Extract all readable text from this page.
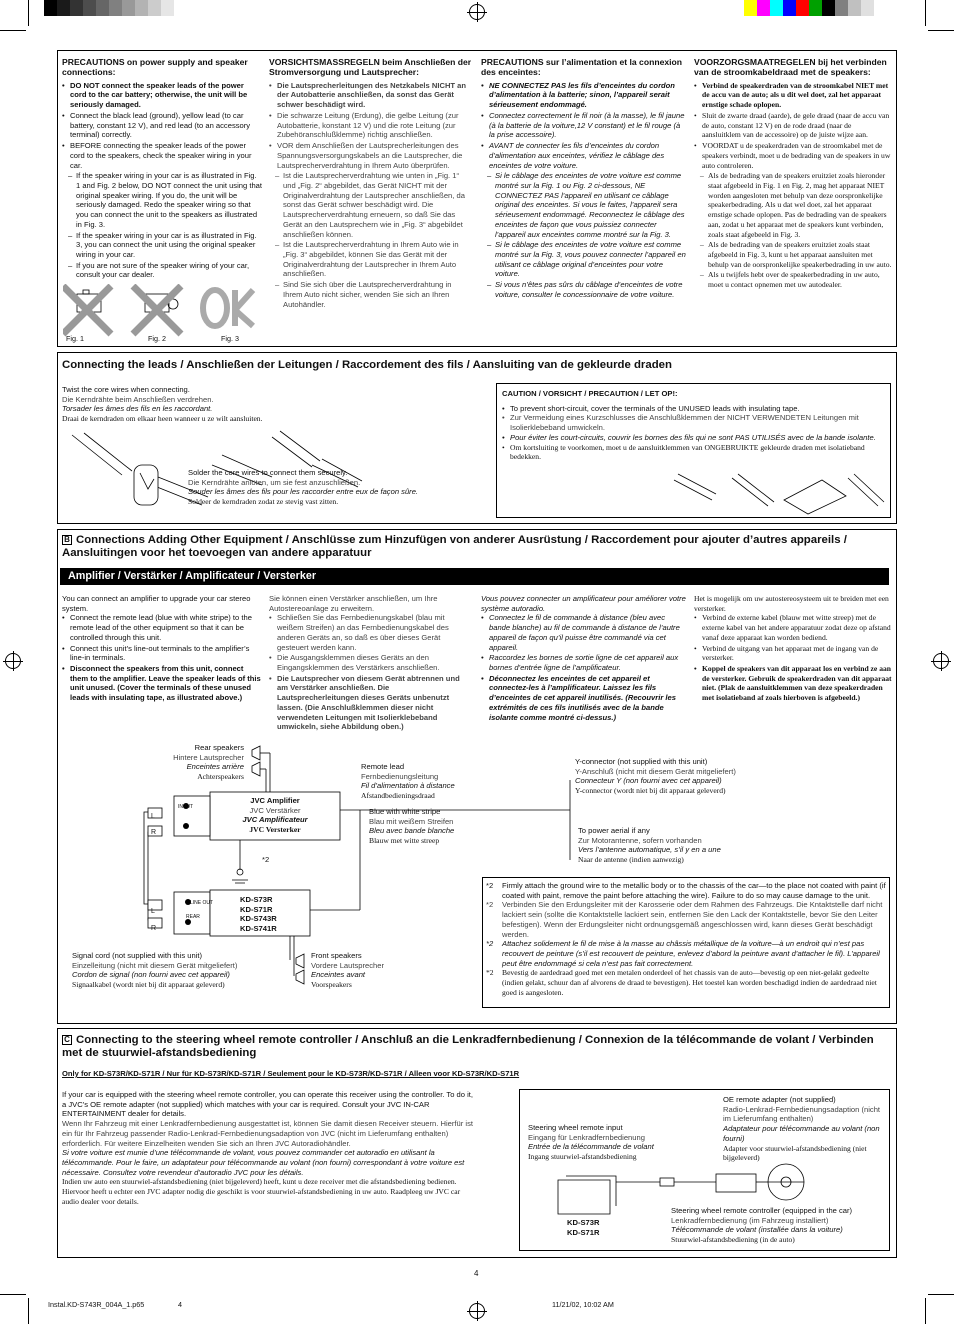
PRECAUTIONS on power supply and speaker connections:
• DO NOT connect the speaker leads of the power cord to the car battery; otherwise, the unit will be seriously damaged.
• Connect the black lead (ground), yellow lead (to car battery, constant 12 V), and red lead (to an accessory terminal) correctly.
• BEFORE connecting the speaker leads of the power cord to the speakers, check the speaker wiring in your car.
– If the speaker wiring in your car is as illustrated in Fig. 1 and Fig. 2 below, DO NOT connect the unit using that original speaker wiring. If you do, the unit will be seriously damaged. Redo the speaker wiring so that you can connect the unit to the speakers as illustrated in Fig. 3.
– If the speaker wiring in your car is as illustrated in Fig. 3, you can connect the unit using the original speaker wiring in your car.
– If you are not sure of the speaker wiring of your car, consult your car dealer.
Fig. 1	Fig. 2	Fig. 3
VORSICHTSMASSREGELN beim Anschließen der Stromversorgung und Lautsprecher:
• Die Lautsprecherleitungen des Netzkabels NICHT an der Autobatterie anschließen, da sonst das Gerät schwer beschädigt wird.
• Die schwarze Leitung (Erdung), die gelbe Leitung (zur Autobatterie, konstant 12 V) und die rote Leitung (zur Zubehöranschlußklemme) richtig anschließen.
• VOR dem Anschließen der Lautsprecherleitungen des Spannungsversorgungskabels an die Lautsprecher, die Lautsprecherverdrahtung in Ihrem Auto überprüfen.
– Ist die Lautsprecherverdrahtung wie unten in „Fig. 1“ und „Fig. 2“ abgebildet, das Gerät NICHT mit der Originalverdrahtung der Lautsprecher anschließen, da sonst das Gerät schwer beschädigt wird. Die Lautsprecherverdrahtung erneuern, so daß Sie das Gerät an den Lautsprechern wie in „Fig. 3“ abgebildet anschließen können.
– Ist die Lautsprecherverdrahtung in Ihrem Auto wie in „Fig. 3“ abgebildet, können Sie das Gerät mit der Originalverdrahtung der Lautsprecher in Ihrem Auto anschließen.
– Sind Sie sich über die Lautsprecherverdrahtung in Ihrem Auto nicht sicher, wenden Sie sich an Ihren Autohändler.
PRECAUTIONS sur l’alimentation et la connexion des enceintes:
• NE CONNECTEZ PAS les fils d’enceintes du cordon d’alimentation à la batterie; sinon, l’appareil serait sérieusement endommagé.
• Connectez correctement le fil noir (à la masse), le fil jaune (à la batterie de la voiture,12 V constant) et le fil rouge (à la prise accessoire).
• AVANT de connecter les fils d’enceintes du cordon d’alimentation aux enceintes, vérifiez le câblage des enceintes de votre voiture.
– Si le câblage des enceintes de votre voiture est comme montré sur la Fig. 1 ou Fig. 2 ci-dessous, NE CONNECTEZ PAS l’appareil en utilisant ce câblage original des enceintes. Si vous le faites, l’appareil sera sérieusement endommagé. Reconnectez le câblage des enceintes de façon que vous puissiez connecter l’appareil aux enceintes comme montré sur la Fig. 3.
– Si le câblage des enceintes de votre voiture est comme montré sur la Fig. 3, vous pouvez connecter l’appareil en utilisant ce câblage original d’enceintes pour votre voiture.
– Si vous n’êtes pas sûrs du câblage d’enceintes de votre voiture, consulter le concessionnaire de votre voiture.
VOORZORGSMAATREGELEN bij het verbinden van de stroomkabeldraad met de speakers:
• Verbind de speakerdraden van de stroomkabel NIET met de accu van de auto; als u dit wel doet, zal het apparaat ernstige schade oplopen.
• Sluit de zwarte draad (aarde), de gele draad (naar de accu van de auto, constant 12 V) en de rode draad (naar de aansluitklem van de accessoire) op de juiste wijze aan.
• VOORDAT u de speakerdraden van de stroomkabel met de speakers verbindt, moet u de bedrading van de speakers in uw auto controleren.
– Als de bedrading van de speakers eruitziet zoals hieronder staat afgebeeld in Fig. 1 en Fig. 2, mag het apparaat NIET worden aangesloten met behulp van deze oorspronkelijke speakerbedrading. Als u dat wel doet, zal het apparaat ernstige schade oplopen. Pas de bedrading van de speakers aan, zodat u het apparaat met de speakers kunt verbinden, zoals staat afgebeeld in Fig. 3.
– Als de bedrading van de speakers eruitziet zoals staat afgebeeld in Fig. 3, kunt u het apparaat aansluiten met behulp van de oorspronkelijke speakerbedrading in uw auto.
– Als u twijfels hebt over de speakerbedrading in uw auto, moet u contact opnemen met uw autodealer.
Connecting the leads / Anschließen der Leitungen / Raccordement des fils / Aansluiting van de gekleurde draden
Twist the core wires when connecting.
Die Kerndrähte beim Anschließen verdrehen.
Torsader les âmes des fils en les raccordant.
Draai de kerndraden om elkaar heen wanneer u ze wilt aansluiten.
Solder the core wires to connect them securely.
Die Kerndrähte anlöten, um sie fest anzuschließen.
Souder les âmes des fils pour les raccorder entre eux de façon sûre.
Soldeer de kerndraden zodat ze stevig vast zitten.
CAUTION / VORSICHT / PRECAUTION / LET OP!:
• To prevent short-circuit, cover the terminals of the UNUSED leads with insulating tape.
• Zur Vermeidung eines Kurzschlusses die Anschlußklemmen der NICHT VERWENDETEN Leitungen mit Isolierklebeband umwickeln.
• Pour éviter les court-circuits, couvrir les bornes des fils qui ne sont PAS UTILISÉS avec de la bande isolante.
• Om kortsluiting te voorkomen, moet u de aansluitklemmen van ONGEBRUIKTE gekleurde draden met isolatieband bedekken.
B Connections Adding Other Equipment / Anschlüsse zum Hinzufügen von anderer Ausrüstung / Raccordement pour ajouter d’autres appareils / Aansluitingen voor het toevoegen van andere apparatuur
Amplifier / Verstärker / Amplificateur / Versterker
You can connect an amplifier to upgrade your car stereo system.
• Connect the remote lead (blue with white stripe) to the remote lead of the other equipment so that it can be controlled through this unit.
• Connect this unit’s line-out terminals to the amplifier’s line-in terminals.
• Disconnect the speakers from this unit, connect them to the amplifier. Leave the speaker leads of this unit unused. (Cover the terminals of these unused leads with insulating tape, as illustrated above.)
Sie können einen Verstärker anschließen, um Ihre Autostereoanlage zu erweitern.
• Schließen Sie das Fernbedienungskabel (blau mit weißem Streifen) an das Fernbedienungskabel des anderen Geräts an, so daß es über dieses Gerät gesteuert werden kann.
• Die Ausgangsklemmen dieses Geräts an den Eingangsklemmen des Verstärkers anschließen.
• Die Lautsprecher von diesem Gerät abtrennen und am Verstärker anschließen. Die Lautsprecherleitungen dieses Geräts unbenutzt lassen. (Die Anschlußklemmen dieser nicht verwendeten Leitungen mit Isolierklebeband umwickeln, siehe Abbildung oben.)
Vous pouvez connecter un amplificateur pour améliorer votre système autoradio.
• Connectez le fil de commande à distance (bleu avec bande blanche) au fil de commande à distance de l’autre appareil de façon qu’il puisse être commandé via cet appareil.
• Raccordez les bornes de sortie ligne de cet appareil aux bornes d’entrée ligne de l’amplificateur.
• Déconnectez les enceintes de cet appareil et connectez-les à l’amplificateur. Laissez les fils d’enceintes de cet appareil inutilisés. (Recouvrir les extrémités de ces fils inutilisés avec de la bande isolante comme montré ci-dessus.)
Het is mogelijk om uw autostereosysteem uit te breiden met een versterker.
• Verbind de externe kabel (blauw met witte streep) met de externe kabel van het andere apparatuur zodat deze op afstand vanaf deze apparaat kan worden bediend.
• Verbind de uitgang van het apparaat met de ingang van de versterker.
• Koppel de speakers van dit apparaat los en verbind ze aan de versterker. Gebruik de speakerdraden van dit apparaat niet. (Plak de aansluitklemmen van deze speakerdraden met isolatieband af zoals hierboven is afgebeeld.)
Rear speakers
Hintere Lautsprecher
Enceintes arrière
Achterspeakers
Remote lead
Fernbedienungsleitung
Fil d’alimentation à distance
Afstandbedieningsdraad
Y-connector (not supplied with this unit)
Y-Anschluß (nicht mit diesem Gerät mitgeliefert)
Connecteur Y (non fourni avec cet appareil)
Y-connector (wordt niet bij dit apparaat geleverd)
JVC Amplifier
JVC Verstärker
JVC Amplificateur
JVC Versterker
INPUT
L
R
Blue with white stripe
Blau mit weißem Streifen
Bleu avec bande blanche
Blauw met witte streep
To power aerial if any
Zur Motorantenne, sofern vorhanden
Vers l’antenne automatique, s’il y en a une
Naar de antenne (indien aanwezig)
*2
LINE OUT
REAR
L
R
KD-S73R
KD-S71R
KD-S743R
KD-S741R
Signal cord (not supplied with this unit)
Einzelleitung (nicht mit diesem Gerät mitgeliefert)
Cordon de signal (non fourni avec cet appareil)
Signaalkabel (wordt niet bij dit apparaat geleverd)
Front speakers
Vordere Lautsprecher
Enceintes avant
Voorspeakers
*2	Firmly attach the ground wire to the metallic body or to the chassis of the car—to the place not coated with paint (if coated with paint, remove the paint before attaching the wire). Failure to do so may cause damage to the unit.
*2	Verbinden Sie den Erdungsleiter mit der Karosserie oder dem Rahmen des Fahrzeugs. Die Kntaktstelle darf nicht lackiert sein (sollte die Kontaktstelle lackiert sein, entfernen Sie den Lack der Kontaktstelle, bevor Sie den Leiter befestigen). Wenn der Erdungsleiter nicht ordnungsgemäß angeschlossen wird, kann dieses Gerät beschädigt werden.
*2	Attachez solidement le fil de mise à la masse au châssis métallique de la voiture—à un endroit qui n’est pas recouvert de peinture (s’il est recouvert de peinture, enlevez d’abord la peinture avant d’attacher le fil). L’appareil peut être endommagé si cela n’est pas fait correctement.
*2	Bevestig de aardedraad goed met een metalen onderdeel of het chassis van de auto—bevestig op een niet-gelakt gedeelte (indien gelakt, schuur dan af alvorens de draad te bevestigen). Het toestel kan worden beschadigd indien de aardedraad niet goed is aangesloten.
C Connecting to the steering wheel remote controller / Anschluß an die Lenkradfernbedienung / Connexion de la télécommande de volant / Verbinden met de stuurwiel-afstandsbediening
Only for KD-S73R/KD-S71R / Nur für KD-S73R/KD-S71R / Seulement pour le KD-S73R/KD-S71R / Alleen voor KD-S73R/KD-S71R
If your car is equipped with the steering wheel remote controller, you can operate this receiver using the controller. To do it, a JVC’s OE remote adapter (not supplied) which matches with your car is required. Consult your JVC IN-CAR ENTERTAINMENT dealer for details.
Wenn Ihr Fahrzeug mit einer Lenkradfernbedienung ausgestattet ist, können Sie damit diesen Receiver steuern. Hierfür ist ein für Ihr Fahrzeug passender Radio-Lenkrad-Fernbedienungsadaption von JVC (nicht im Lieferumfang enthalten) erforderlich. Für weitere Einzelheiten wenden Sie sich an Ihren JVC Autoradiohändler.
Si votre voiture est munie d’une télécommande de volant, vous pouvez commander cet autoradio en utilisant la télécommande. Pour le faire, un adaptateur pour télécommande au volant (non fourni) correspondant à votre voiture est nécessaire. Consultez votre revendeur d’autoradio JVC pour les détails.
Indien uw auto een stuurwiel-afstandsbediening (niet bijgeleverd) heeft, kunt u deze receiver met die afstandsbediening bedienen. Hiervoor heeft u echter een JVC adapter nodig die geschikt is voor stuurwiel-afstandsbediening in uw auto. Raadpleeg uw JVC car audio dealer voor details.
OE remote adapter (not supplied)
Radio-Lenkrad-Fernbedienungsadaption (nicht im Lieferumfang enthalten)
Adaptateur pour télécommande au volant (non fourni)
Adapter voor stuurwiel-afstandsbediening (niet bijgeleverd)
Steering wheel remote input
Eingang für Lenkradfernbedienung
Entrée de la télécommande de volant
Ingang stuurwiel-afstandsbediening
KD-S73R
KD-S71R
Steering wheel remote controller (equipped in the car)
Lenkradfernbedienung (im Fahrzeug installiert)
Télécommande de volant (installée dans la voiture)
Stuurwiel-afstandsbediening (in de auto)
4
Instal.KD-S743R_004A_1.p65	4	11/21/02, 10:02 AM
